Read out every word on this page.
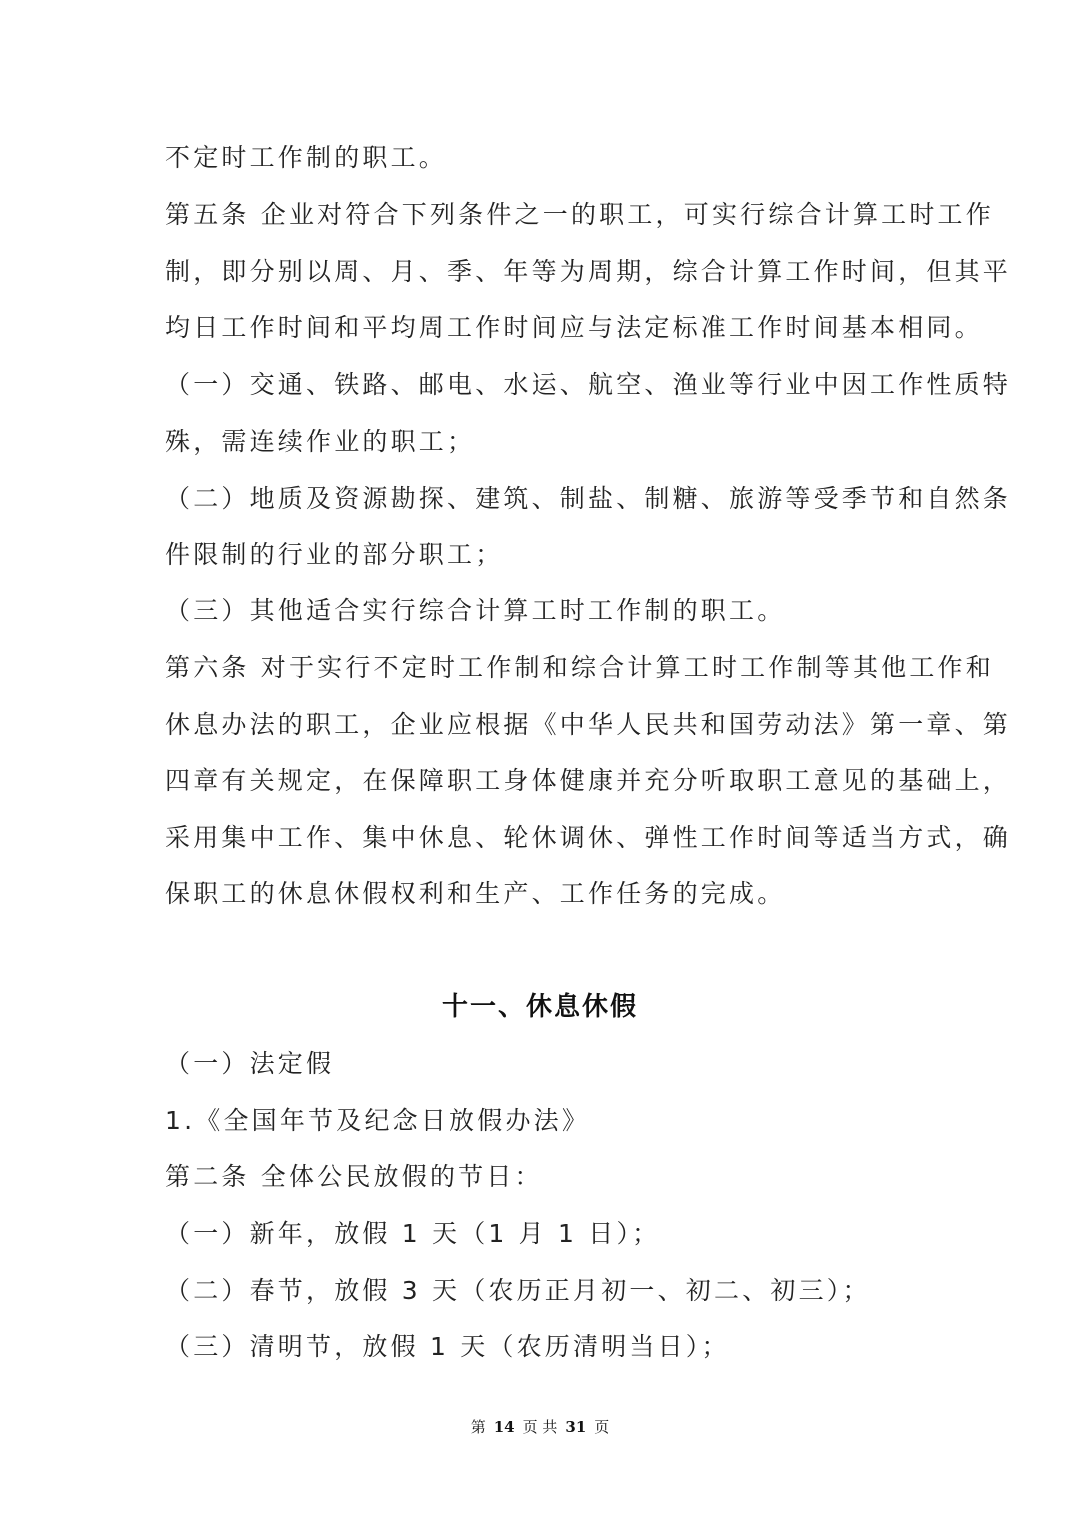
不定时工作制的职工。
第五条 企业对符合下列条件之一的职工，可实行综合计算工时工作
制，即分别以周、月、季、年等为周期，综合计算工作时间，但其平
均日工作时间和平均周工作时间应与法定标准工作时间基本相同。
（一）交通、铁路、邮电、水运、航空、渔业等行业中因工作性质特
殊，需连续作业的职工；
（二）地质及资源勘探、建筑、制盐、制糖、旅游等受季节和自然条
件限制的行业的部分职工；
（三）其他适合实行综合计算工时工作制的职工。
第六条 对于实行不定时工作制和综合计算工时工作制等其他工作和
休息办法的职工，企业应根据《中华人民共和国劳动法》第一章、第
四章有关规定，在保障职工身体健康并充分听取职工意见的基础上，
采用集中工作、集中休息、轮休调休、弹性工作时间等适当方式，确
保职工的休息休假权利和生产、工作任务的完成。
十一、休息休假
（一）法定假
1.《全国年节及纪念日放假办法》
第二条 全体公民放假的节日：
（一）新年，放假 1 天（1 月 1 日）；
（二）春节，放假 3 天（农历正月初一、初二、初三）；
（三）清明节，放假 1 天（农历清明当日）；
第 14 页 共 31 页
